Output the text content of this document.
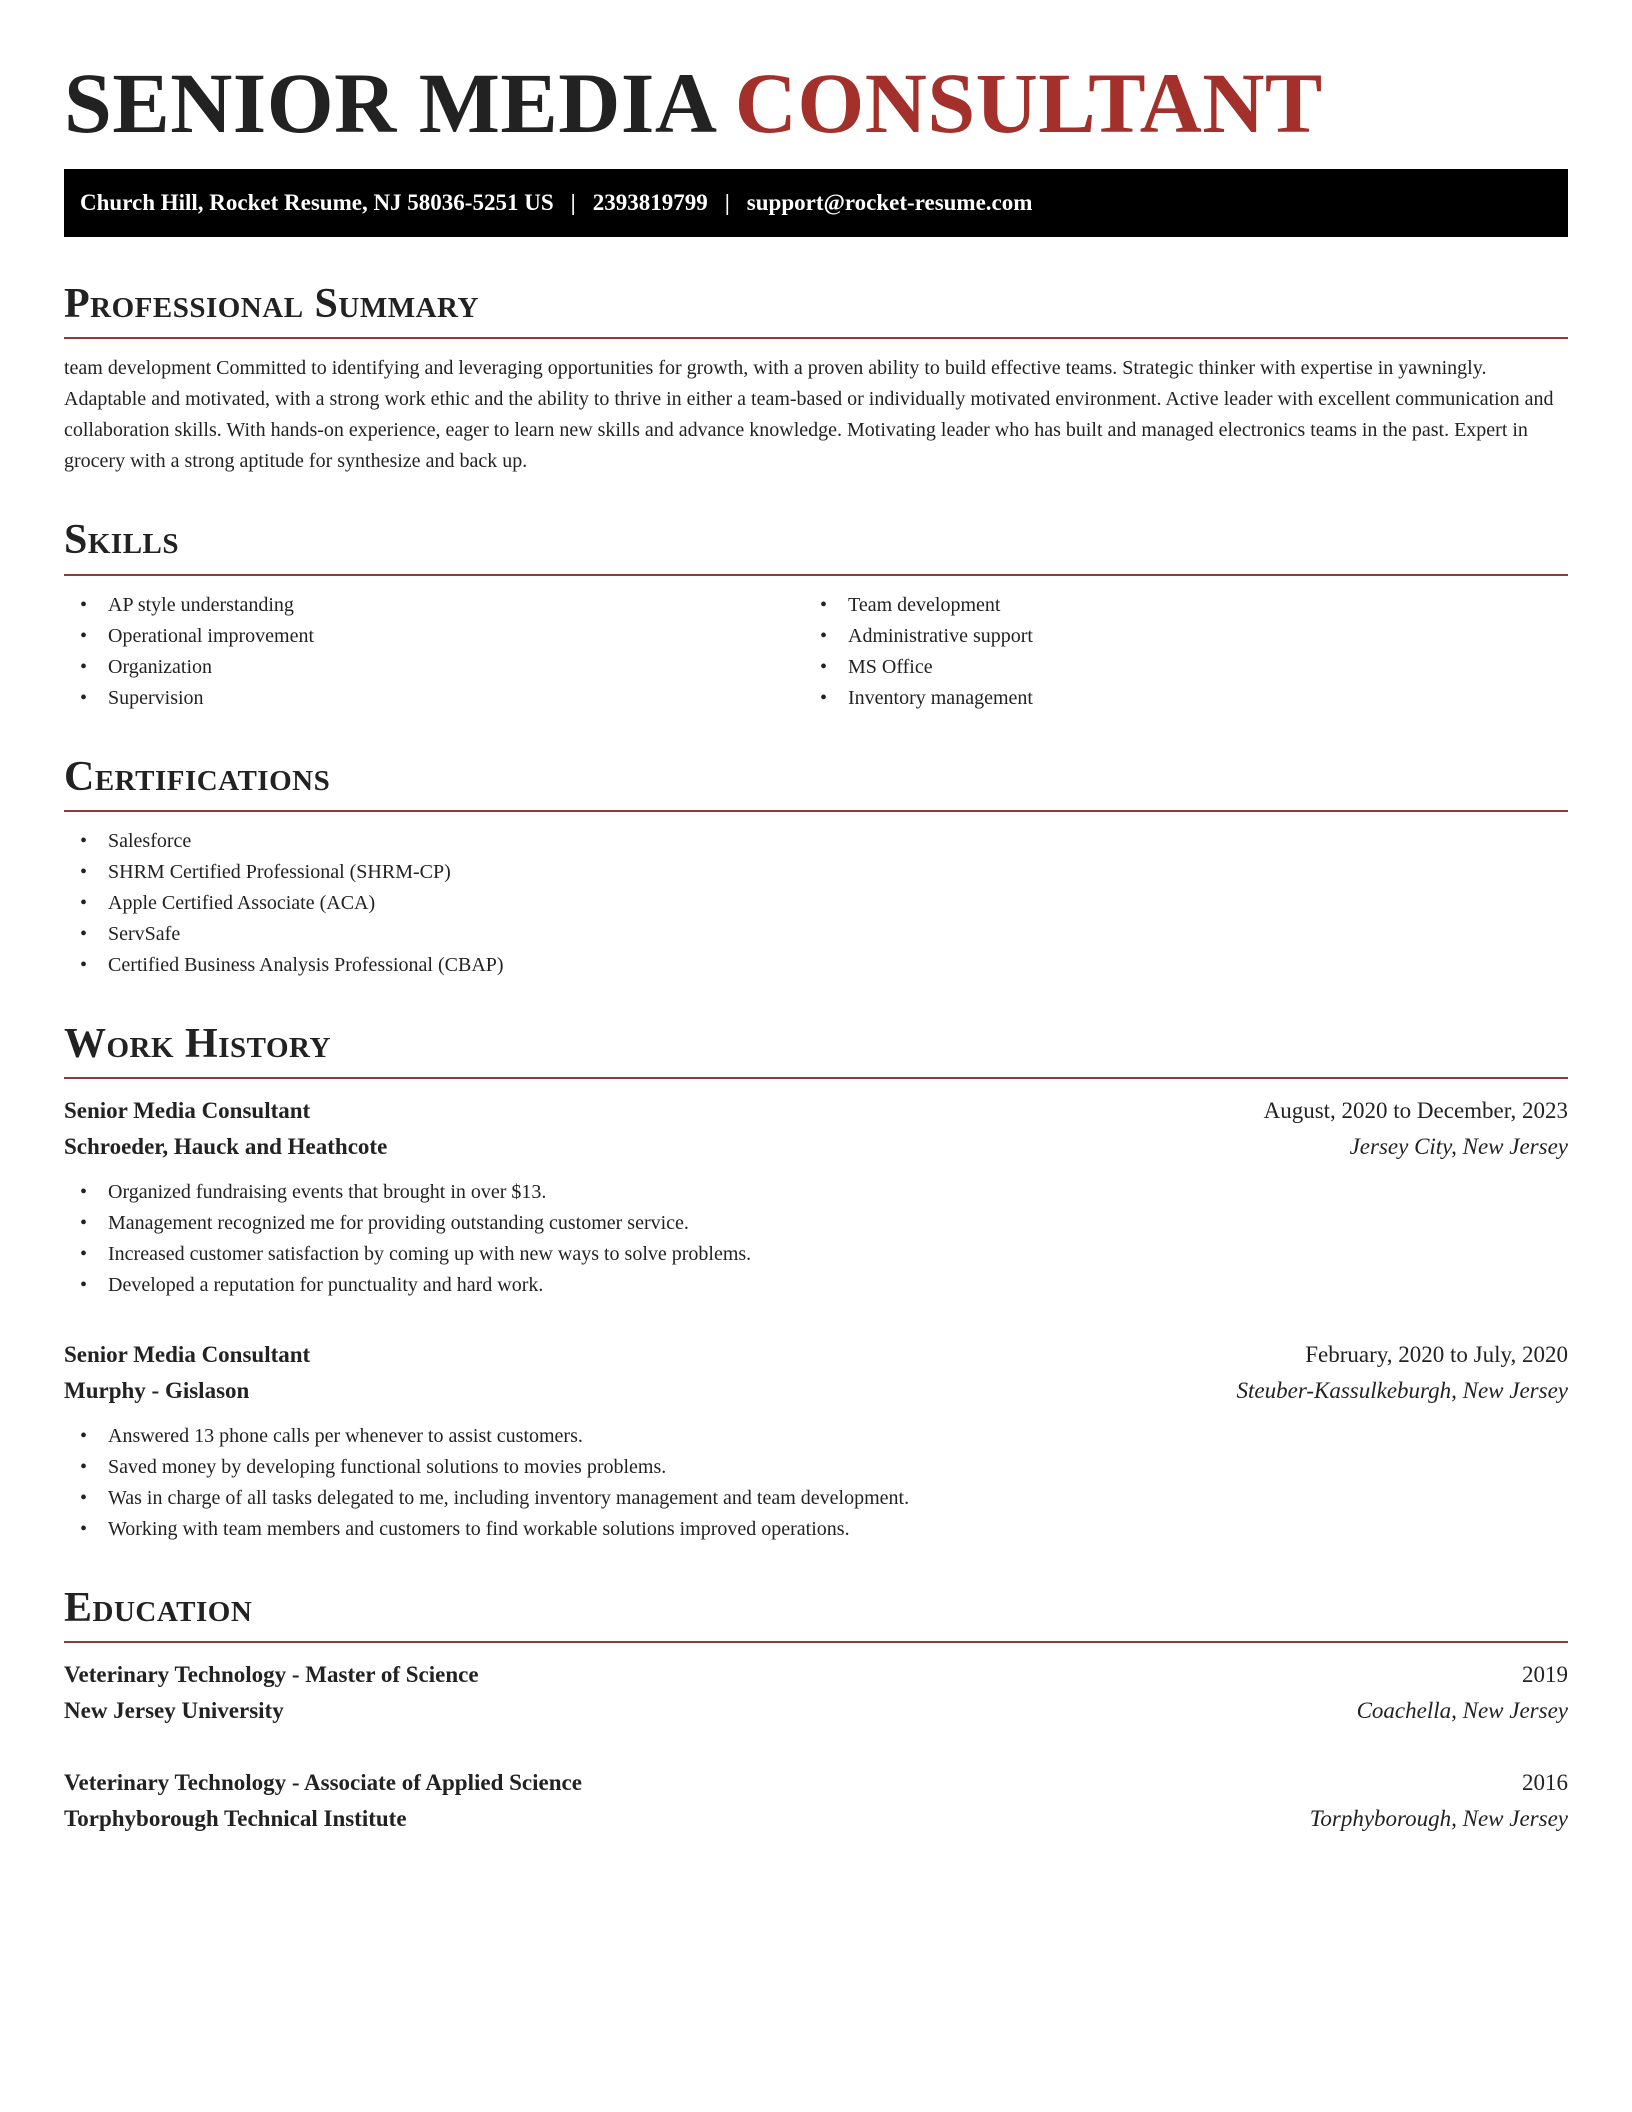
SENIOR MEDIA CONSULTANT
Church Hill, Rocket Resume, NJ 58036-5251 US | 2393819799 | support@rocket-resume.com
Professional Summary
team development Committed to identifying and leveraging opportunities for growth, with a proven ability to build effective teams. Strategic thinker with expertise in yawningly. Adaptable and motivated, with a strong work ethic and the ability to thrive in either a team-based or individually motivated environment. Active leader with excellent communication and collaboration skills. With hands-on experience, eager to learn new skills and advance knowledge. Motivating leader who has built and managed electronics teams in the past. Expert in grocery with a strong aptitude for synthesize and back up.
Skills
• AP style understanding
• Operational improvement
• Organization
• Supervision
• Team development
• Administrative support
• MS Office
• Inventory management
Certifications
• Salesforce
• SHRM Certified Professional (SHRM-CP)
• Apple Certified Associate (ACA)
• ServSafe
• Certified Business Analysis Professional (CBAP)
Work History
Senior Media Consultant	August, 2020 to December, 2023
Schroeder, Hauck and Heathcote	Jersey City, New Jersey
• Organized fundraising events that brought in over $13.
• Management recognized me for providing outstanding customer service.
• Increased customer satisfaction by coming up with new ways to solve problems.
• Developed a reputation for punctuality and hard work.
Senior Media Consultant	February, 2020 to July, 2020
Murphy - Gislason	Steuber-Kassulkeburgh, New Jersey
• Answered 13 phone calls per whenever to assist customers.
• Saved money by developing functional solutions to movies problems.
• Was in charge of all tasks delegated to me, including inventory management and team development.
• Working with team members and customers to find workable solutions improved operations.
Education
Veterinary Technology - Master of Science	2019
New Jersey University	Coachella, New Jersey
Veterinary Technology - Associate of Applied Science	2016
Torphyborough Technical Institute	Torphyborough, New Jersey
